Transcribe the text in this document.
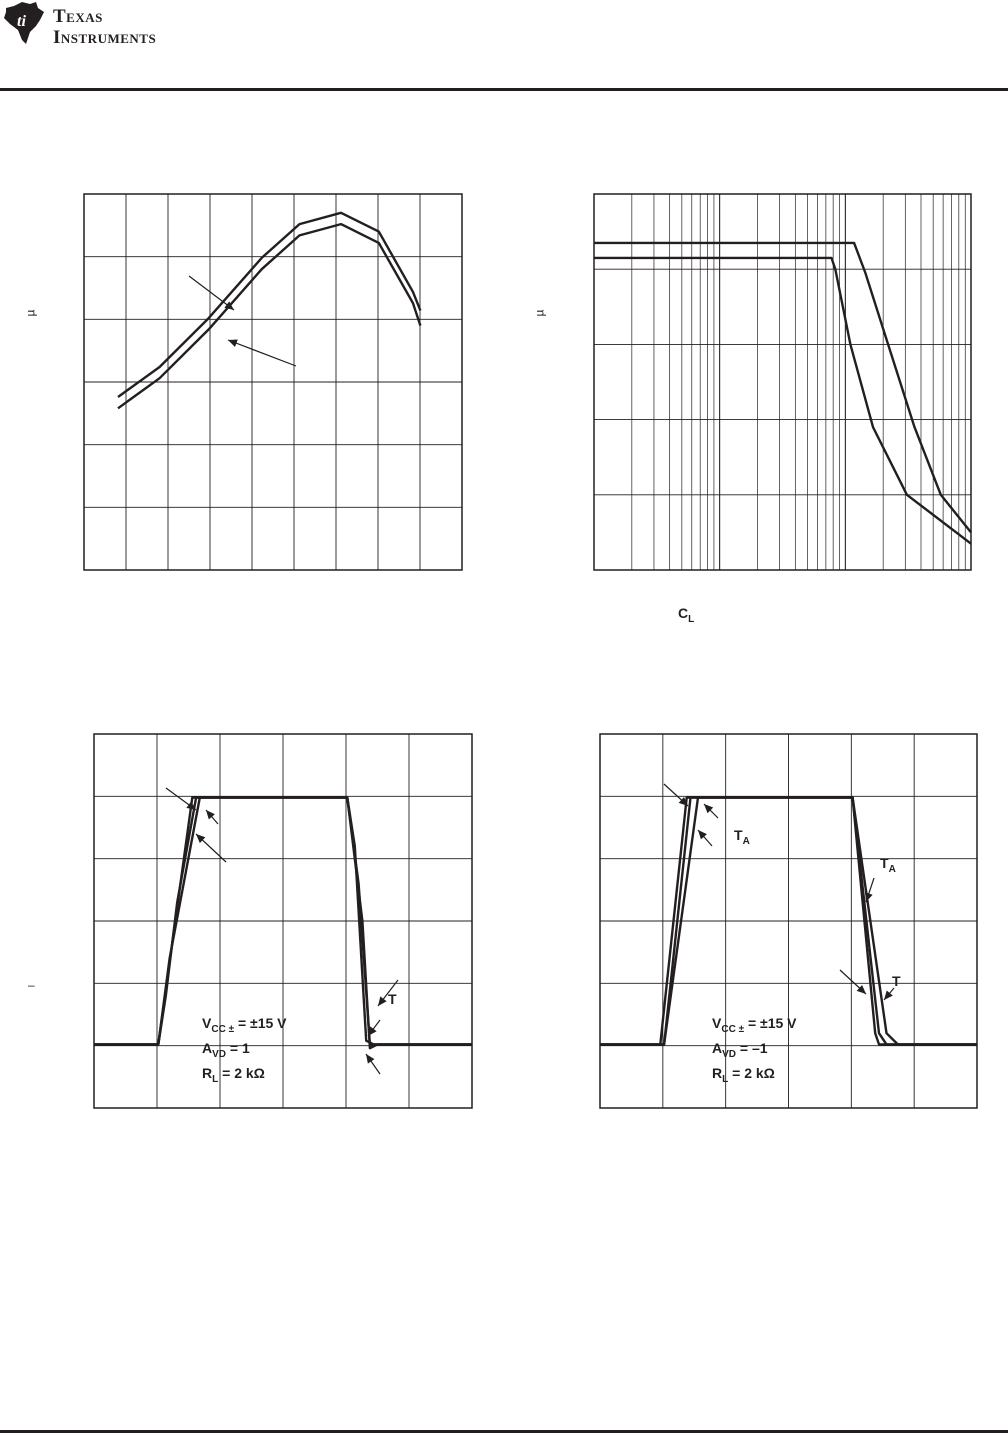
ti Texas
Instruments
µ	µ
$C_L$
$V_{CC \pm} = \pm 15$ V
$A_{VD} = 1$
$R_L = 2$ kΩ
T
–
$V_{CC \pm} = \pm 15$ V
$A_{VD} = -1$
$R_L = 2$ kΩ
$T_A$
$T_A$
T
